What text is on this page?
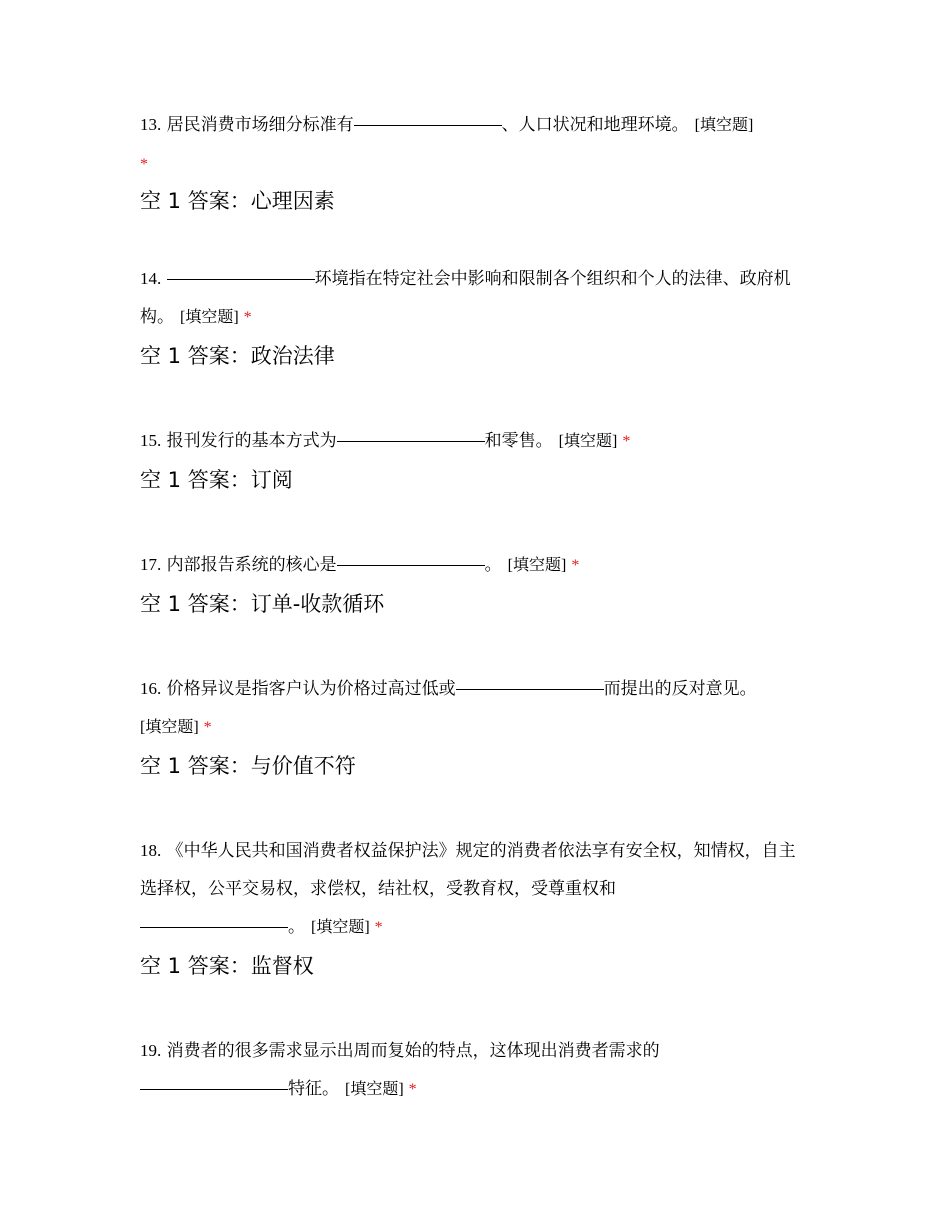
13. 居民消费市场细分标准有	、人口状况和地理环境。 [填空题]
*

空 1 答案：心理因素

14.	环境指在特定社会中影响和限制各个组织和个人的法律、政府机构。 [填空题] *

空 1 答案：政治法律

15. 报刊发行的基本方式为	和零售。 [填空题] *

空 1 答案：订阅

17. 内部报告系统的核心是	。 [填空题] *

空 1 答案：订单-收款循环

16. 价格异议是指客户认为价格过高过低或	而提出的反对意见。
[填空题] *

空 1 答案：与价值不符

18. 《中华人民共和国消费者权益保护法》规定的消费者依法享有安全权，知情权，自主选择权，公平交易权，求偿权，结社权，受教育权，受尊重权和
。 [填空题] *

空 1 答案：监督权

19. 消费者的很多需求显示出周而复始的特点，这体现出消费者需求的
特征。 [填空题] *
